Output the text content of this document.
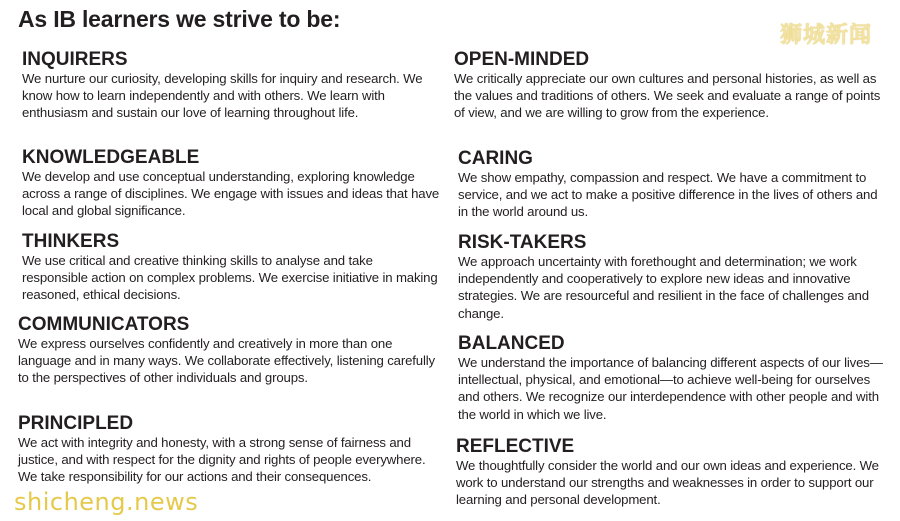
As IB learners we strive to be:
INQUIRERS

We nurture our curiosity, developing skills for inquiry and research. We know how to learn independently and with others. We learn with enthusiasm and sustain our love of learning throughout life.

KNOWLEDGEABLE

We develop and use conceptual understanding, exploring knowledge across a range of disciplines. We engage with issues and ideas that have local and global significance.

THINKERS

We use critical and creative thinking skills to analyse and take responsible action on complex problems. We exercise initiative in making reasoned, ethical decisions.

COMMUNICATORS

We express ourselves confidently and creatively in more than one language and in many ways. We collaborate effectively, listening carefully to the perspectives of other individuals and groups.

PRINCIPLED

We act with integrity and honesty, with a strong sense of fairness and justice, and with respect for the dignity and rights of people everywhere. We take responsibility for our actions and their consequences.

OPEN-MINDED

We critically appreciate our own cultures and personal histories, as well as the values and traditions of others. We seek and evaluate a range of points of view, and we are willing to grow from the experience.

CARING

We show empathy, compassion and respect. We have a commitment to service, and we act to make a positive difference in the lives of others and in the world around us.

RISK-TAKERS

We approach uncertainty with forethought and determination; we work independently and cooperatively to explore new ideas and innovative strategies. We are resourceful and resilient in the face of challenges and change.

BALANCED

We understand the importance of balancing different aspects of our lives—intellectual, physical, and emotional—to achieve well-being for ourselves and others. We recognize our interdependence with other people and with the world in which we live.

REFLECTIVE

We thoughtfully consider the world and our own ideas and experience. We work to understand our strengths and weaknesses in order to support our learning and personal development.

狮城新闻
shicheng.news
